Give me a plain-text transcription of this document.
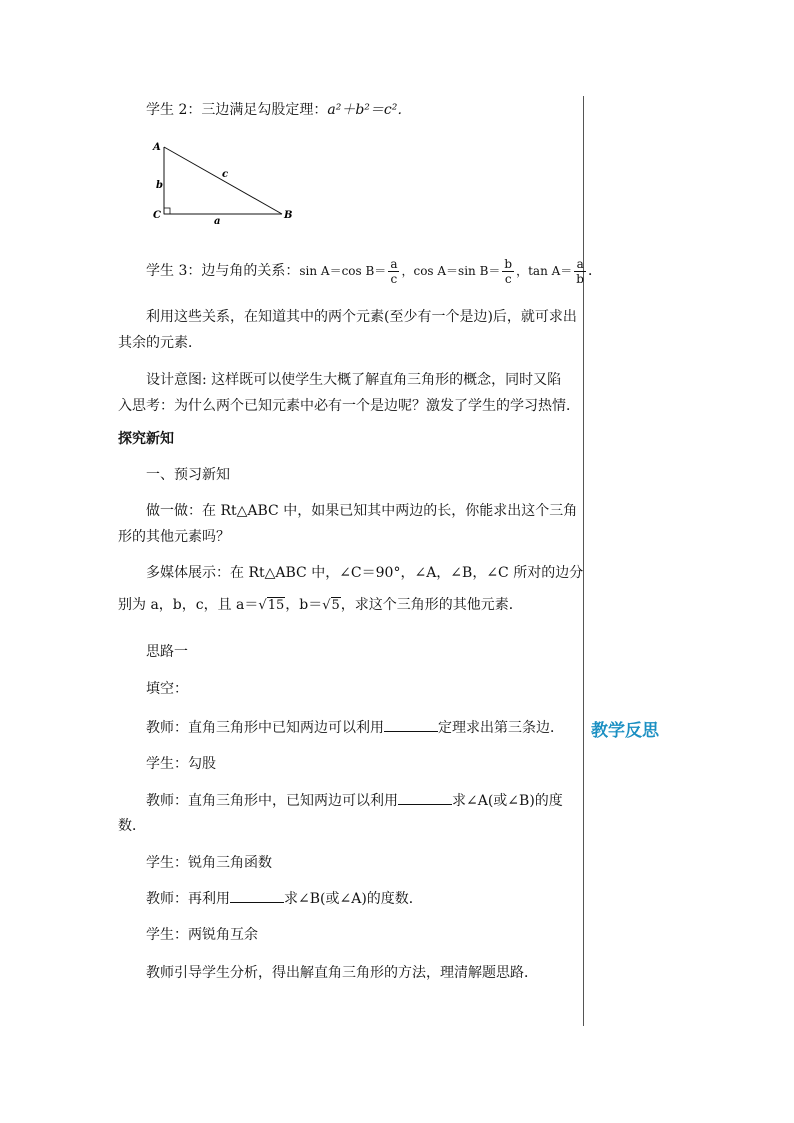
学生 2：三边满足勾股定理：a²＋b²＝c²．
A
C	B
b
c
a
学生 3：边与角的关系：sin A＝cos $B= \frac{a}{c}$ ，cos A＝sin $B= \frac{b}{c}$ ，$\tan A= \frac{a}{b}$ ．
利用这些关系，在知道其中的两个元素(至少有一个是边)后，就可求出
其余的元素．
设计意图: 这样既可以使学生大概了解直角三角形的概念，同时又陷
入思考：为什么两个已知元素中必有一个是边呢？激发了学生的学习热情．
探究新知
一、预习新知
做一做：在 Rt△ABC 中，如果已知其中两边的长，你能求出这个三角
形的其他元素吗？
多媒体展示：在 Rt△ABC 中，∠C＝90°，∠A，∠B，∠C 所对的边分
别为 a，b，c，且 a＝√15，b＝√5，求这个三角形的其他元素．
思路一
填空：
教师：直角三角形中已知两边可以利用	定理求出第三条边．
学生：勾股
教师：直角三角形中，已知两边可以利用	求∠A(或∠B)的度
数．
学生：锐角三角函数
教师：再利用	求∠B(或∠A)的度数．
学生：两锐角互余
教师引导学生分析，得出解直角三角形的方法，理清解题思路．
教学反思
